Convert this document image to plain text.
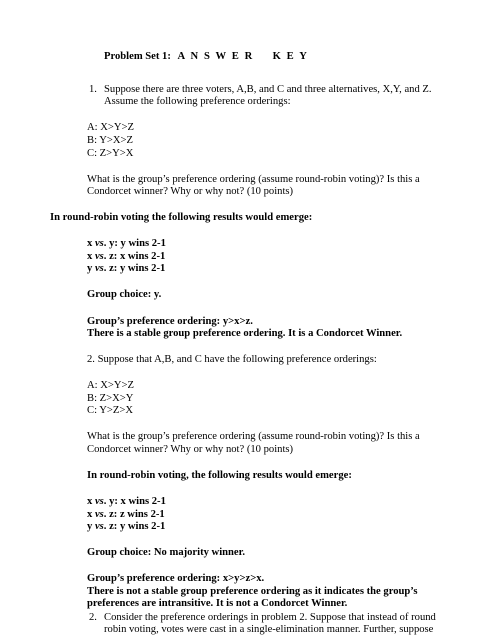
Problem Set 1: A N S W E R K E Y
1. Suppose there are three voters, A,B, and C and three alternatives, X,Y, and Z.
Assume the following preference orderings:
A: X>Y>Z
B: Y>X>Z
C: Z>Y>X
What is the group’s preference ordering (assume round-robin voting)? Is this a
Condorcet winner? Why or why not? (10 points)
In round-robin voting the following results would emerge:
x vs. y: y wins 2-1
x vs. z: x wins 2-1
y vs. z: y wins 2-1
Group choice: y.
Group’s preference ordering: y>x>z.
There is a stable group preference ordering. It is a Condorcet Winner.
2. Suppose that A,B, and C have the following preference orderings:
A: X>Y>Z
B: Z>X>Y
C: Y>Z>X
What is the group’s preference ordering (assume round-robin voting)? Is this a
Condorcet winner? Why or why not? (10 points)
In round-robin voting, the following results would emerge:
x vs. y: x wins 2-1
x vs. z: z wins 2-1
y vs. z: y wins 2-1
Group choice: No majority winner.
Group’s preference ordering: x>y>z>x.
There is not a stable group preference ordering as it indicates the group’s
preferences are intransitive. It is not a Condorcet Winner.
2. Consider the preference orderings in problem 2. Suppose that instead of round
robin voting, votes were cast in a single-elimination manner. Further, suppose
